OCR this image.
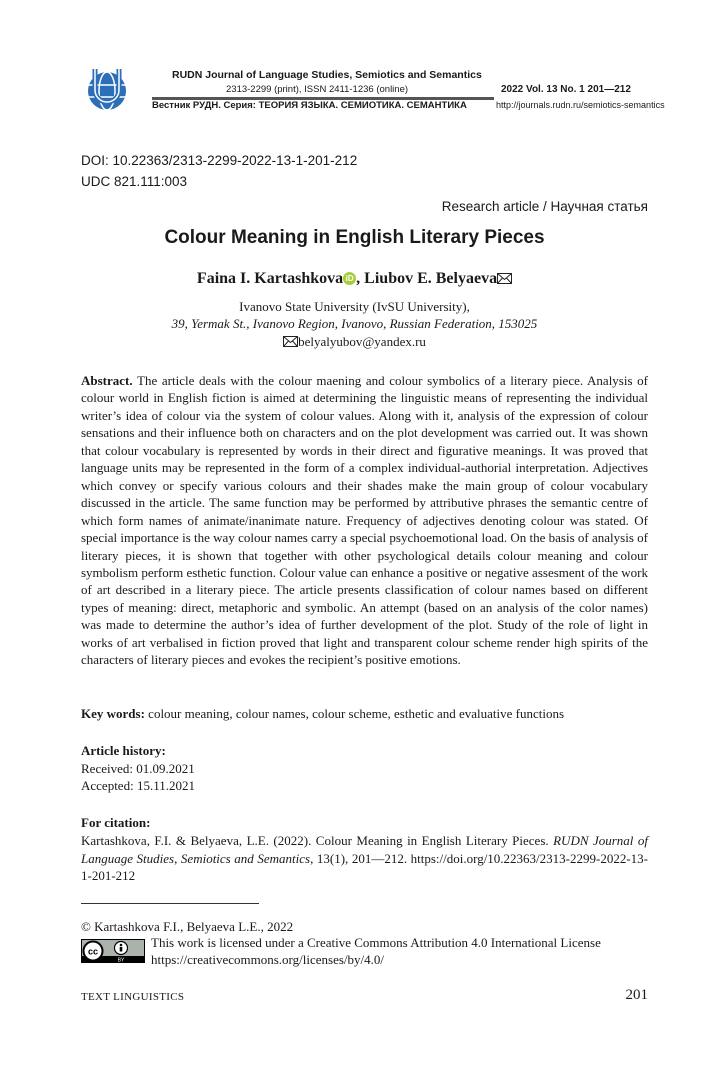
RUDN Journal of Language Studies, Semiotics and Semantics
2313-2299 (print), ISSN 2411-1236 (online)
Вестник РУДН. Серия: ТЕОРИЯ ЯЗЫКА. СЕМИОТИКА. СЕМАНТИКА
2022 Vol. 13 No. 1 201—212
http://journals.rudn.ru/semiotics-semantics
DOI: 10.22363/2313-2299-2022-13-1-201-212
UDC 821.111:003
Research article / Научная статья
Colour Meaning in English Literary Pieces
Faina I. Kartashkova iD , Liubov E. Belyaeva
Ivanovo State University (IvSU University),
39, Yermak St., Ivanovo Region, Ivanovo, Russian Federation, 153025
belyalyubov@yandex.ru
Abstract. The article deals with the colour maening and colour symbolics of a literary piece. Analysis of colour world in English fiction is aimed at determining the linguistic means of representing the individual writer’s idea of colour via the system of colour values. Along with it, analysis of the expression of colour sensations and their influence both on characters and on the plot development was carried out. It was shown that colour vocabulary is represented by words in their direct and figurative meanings. It was proved that language units may be represented in the form of a complex individual-authorial interpretation. Adjectives which convey or specify various colours and their shades make the main group of colour vocabulary discussed in the article. The same function may be performed by attributive phrases the semantic centre of which form names of animate/inanimate nature. Frequency of adjectives denoting colour was stated. Of special importance is the way colour names carry a special psychoemotional load. On the basis of analysis of literary pieces, it is shown that together with other psychological details colour meaning and colour symbolism perform esthetic function. Colour value can enhance a positive or negative assesment of the work of art described in a literary piece. The article presents classification of colour names based on different types of meaning: direct, metaphoric and symbolic. An attempt (based on an analysis of the color names) was made to determine the author’s idea of further development of the plot. Study of the role of light in works of art verbalised in fiction proved that light and transparent colour scheme render high spirits of the characters of literary pieces and evokes the recipient’s positive emotions.
Key words: colour meaning, colour names, colour scheme, esthetic and evaluative functions
Article history:
Received: 01.09.2021
Accepted: 15.11.2021
For citation:
Kartashkova, F.I. & Belyaeva, L.E. (2022). Colour Meaning in English Literary Pieces. RUDN Journal of Language Studies, Semiotics and Semantics, 13(1), 201—212. https://doi.org/10.22363/2313-2299-2022-13-1-201-212
© Kartashkova F.I., Belyaeva L.E., 2022
cc
BY
This work is licensed under a Creative Commons Attribution 4.0 International License
https://creativecommons.org/licenses/by/4.0/
TEXT LINGUISTICS	201
